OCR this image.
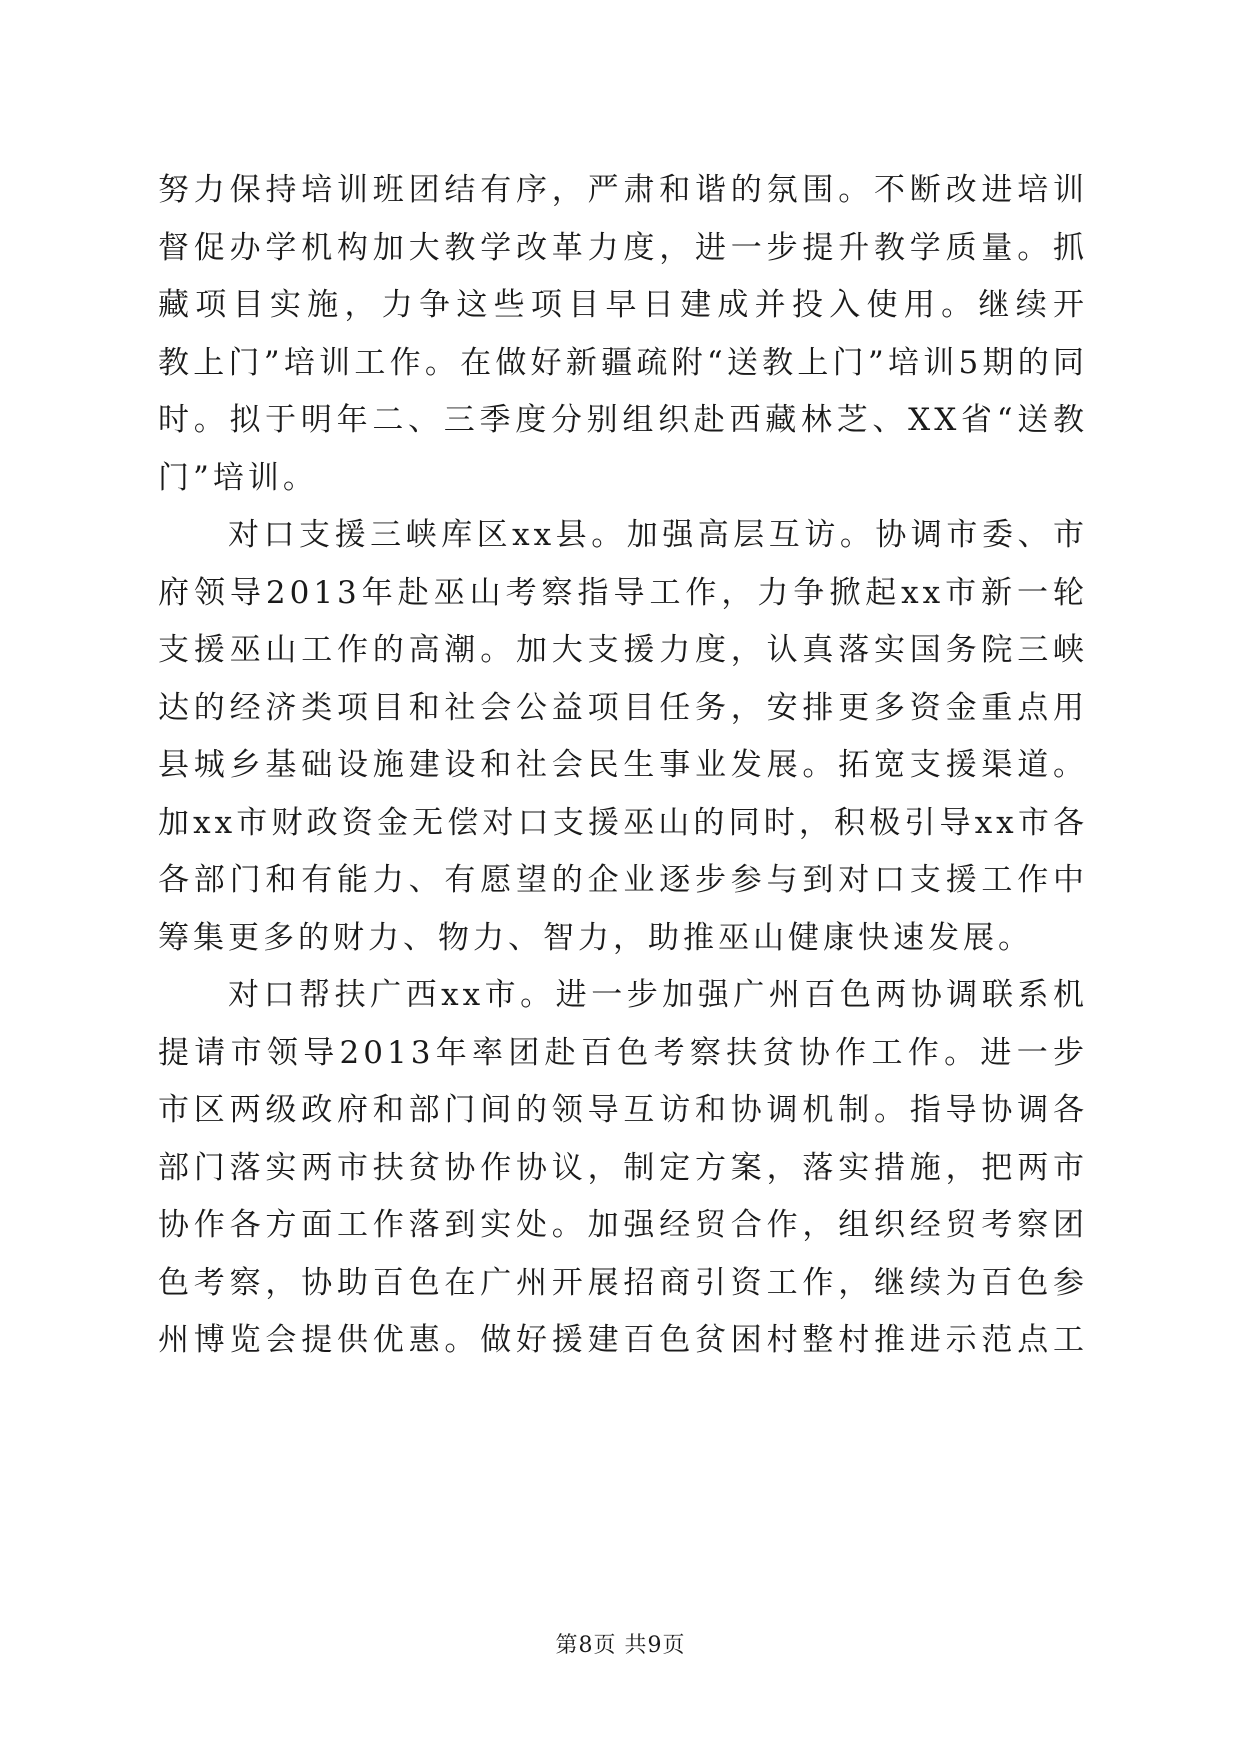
努力保持培训班团结有序，严肃和谐的氛围。不断改进培训
督促办学机构加大教学改革力度，进一步提升教学质量。抓
藏项目实施，力争这些项目早日建成并投入使用。继续开
教上门”培训工作。在做好新疆疏附“送教上门”培训5期的同
时。拟于明年二、三季度分别组织赴西藏林芝、XX省“送教
门”培训。
对口支援三峡库区xx县。加强高层互访。协调市委、市
府领导2013年赴巫山考察指导工作，力争掀起xx市新一轮
支援巫山工作的高潮。加大支援力度，认真落实国务院三峡
达的经济类项目和社会公益项目任务，安排更多资金重点用
县城乡基础设施建设和社会民生事业发展。拓宽支援渠道。
加xx市财政资金无偿对口支援巫山的同时，积极引导xx市各
各部门和有能力、有愿望的企业逐步参与到对口支援工作中
筹集更多的财力、物力、智力，助推巫山健康快速发展。
对口帮扶广西xx市。进一步加强广州百色两协调联系机
提请市领导2013年率团赴百色考察扶贫协作工作。进一步
市区两级政府和部门间的领导互访和协调机制。指导协调各
部门落实两市扶贫协作协议，制定方案，落实措施，把两市
协作各方面工作落到实处。加强经贸合作，组织经贸考察团
色考察，协助百色在广州开展招商引资工作，继续为百色参
州博览会提供优惠。做好援建百色贫困村整村推进示范点工
第8页 共9页
